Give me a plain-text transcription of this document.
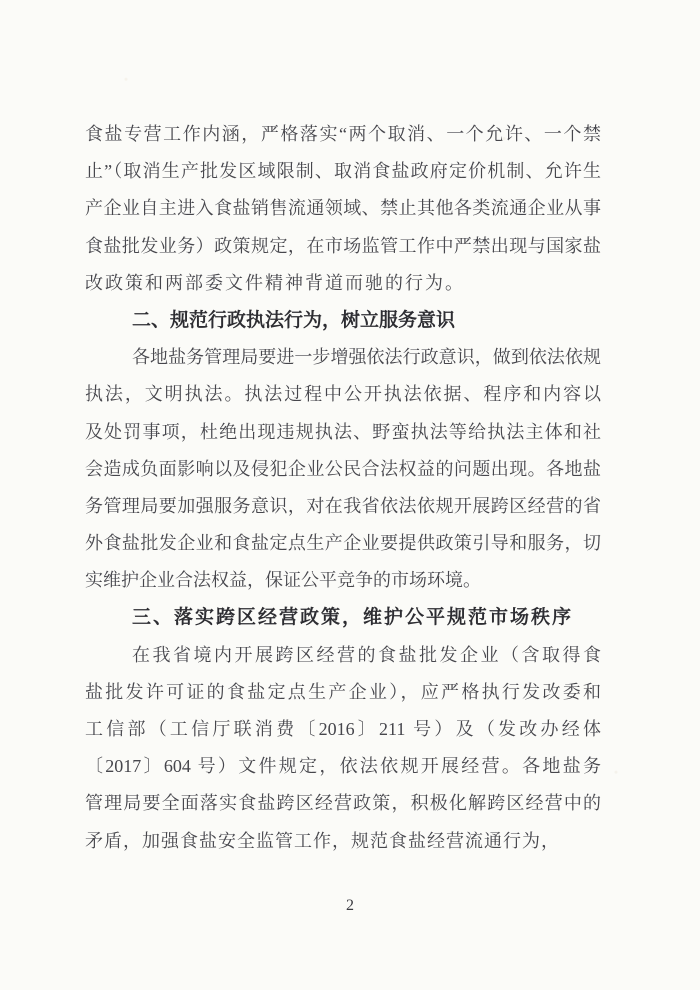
食盐专营工作内涵，严格落实“两个取消、一个允许、一个禁
止”（取消生产批发区域限制、取消食盐政府定价机制、允许生
产企业自主进入食盐销售流通领域、禁止其他各类流通企业从事
食盐批发业务）政策规定，在市场监管工作中严禁出现与国家盐
改政策和两部委文件精神背道而驰的行为。
二、规范行政执法行为，树立服务意识
各地盐务管理局要进一步增强依法行政意识，做到依法依规
执法，文明执法。执法过程中公开执法依据、程序和内容以
及处罚事项，杜绝出现违规执法、野蛮执法等给执法主体和社
会造成负面影响以及侵犯企业公民合法权益的问题出现。各地盐
务管理局要加强服务意识，对在我省依法依规开展跨区经营的省
外食盐批发企业和食盐定点生产企业要提供政策引导和服务，切
实维护企业合法权益，保证公平竞争的市场环境。
三、落实跨区经营政策，维护公平规范市场秩序
在我省境内开展跨区经营的食盐批发企业（含取得食
盐批发许可证的食盐定点生产企业），应严格执行发改委和
工信部（工信厅联消费〔2016〕211 号）及（发改办经体
〔2017〕604 号）文件规定，依法依规开展经营。各地盐务
管理局要全面落实食盐跨区经营政策，积极化解跨区经营中的
矛盾，加强食盐安全监管工作，规范食盐经营流通行为，
2
